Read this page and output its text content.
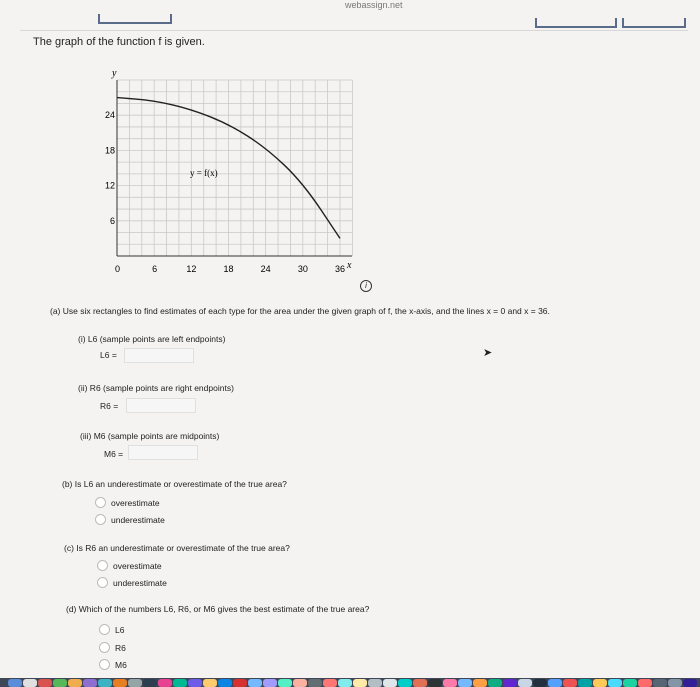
webassign.net
The graph of the function f is given.
y
x
0	6	12	18	24	30	36
24
18
12
6
y = f(x)
i
(a) Use six rectangles to find estimates of each type for the area under the given graph of f, the x-axis, and the lines x = 0 and x = 36.
(i) L6 (sample points are left endpoints)
L6 =
(ii) R6 (sample points are right endpoints)
R6 =
(iii) M6 (sample points are midpoints)
M6 =
➤
(b) Is L6 an underestimate or overestimate of the true area?
overestimate
underestimate
(c) Is R6 an underestimate or overestimate of the true area?
overestimate
underestimate
(d) Which of the numbers L6, R6, or M6 gives the best estimate of the true area?
L6
R6
M6
